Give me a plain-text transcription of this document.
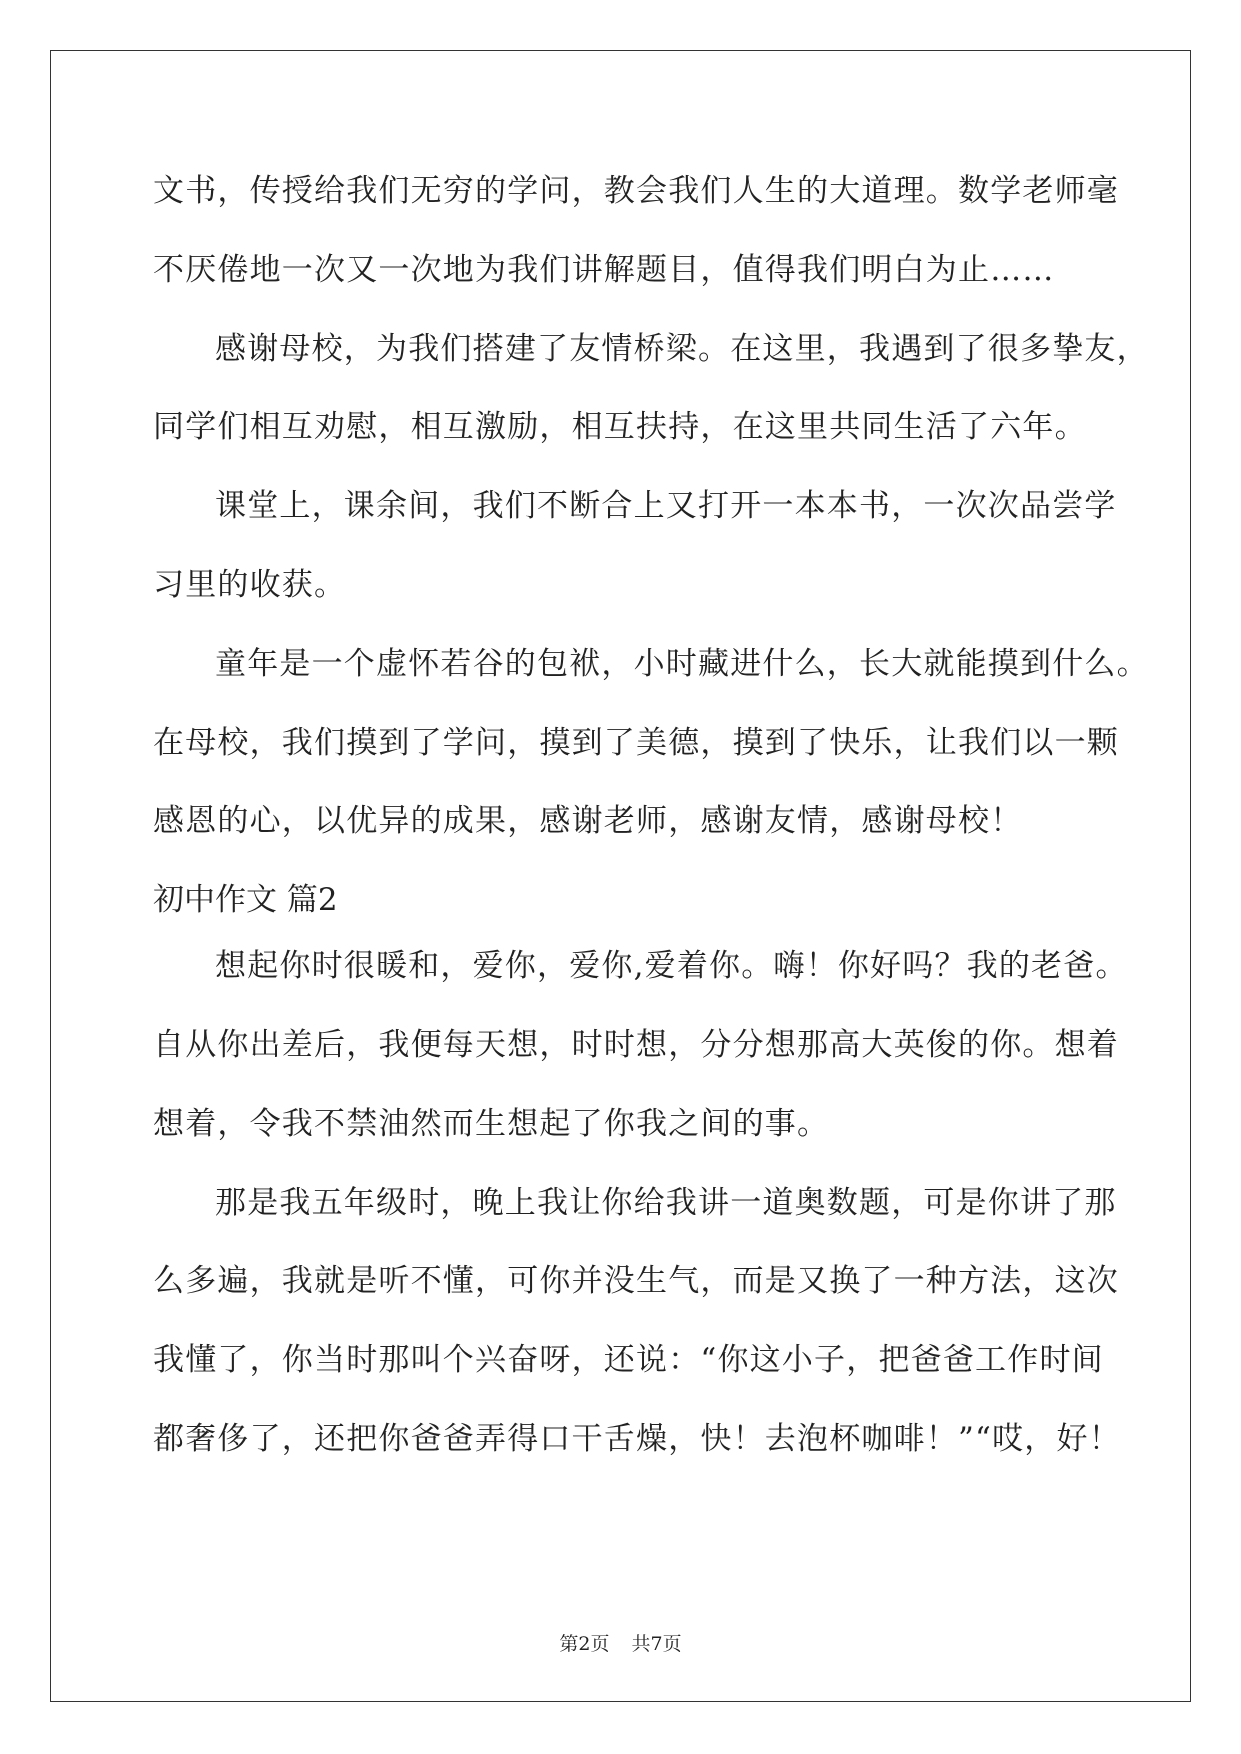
文书，传授给我们无穷的学问，教会我们人生的大道理。数学老师毫
不厌倦地一次又一次地为我们讲解题目，值得我们明白为止……
感谢母校，为我们搭建了友情桥梁。在这里，我遇到了很多挚友，
同学们相互劝慰，相互激励，相互扶持，在这里共同生活了六年。
课堂上，课余间，我们不断合上又打开一本本书，一次次品尝学
习里的收获。
童年是一个虚怀若谷的包袱，小时藏进什么，长大就能摸到什么。
在母校，我们摸到了学问，摸到了美德，摸到了快乐，让我们以一颗
感恩的心，以优异的成果，感谢老师，感谢友情，感谢母校！
初中作文 篇2
想起你时很暖和，爱你，爱你,爱着你。嗨！你好吗？我的老爸。
自从你出差后，我便每天想，时时想，分分想那高大英俊的你。想着
想着，令我不禁油然而生想起了你我之间的事。
那是我五年级时，晚上我让你给我讲一道奥数题，可是你讲了那
么多遍，我就是听不懂，可你并没生气，而是又换了一种方法，这次
我懂了，你当时那叫个兴奋呀，还说：“你这小子，把爸爸工作时间
都奢侈了，还把你爸爸弄得口干舌燥，快！去泡杯咖啡！”“哎，好！
第2页 共7页
